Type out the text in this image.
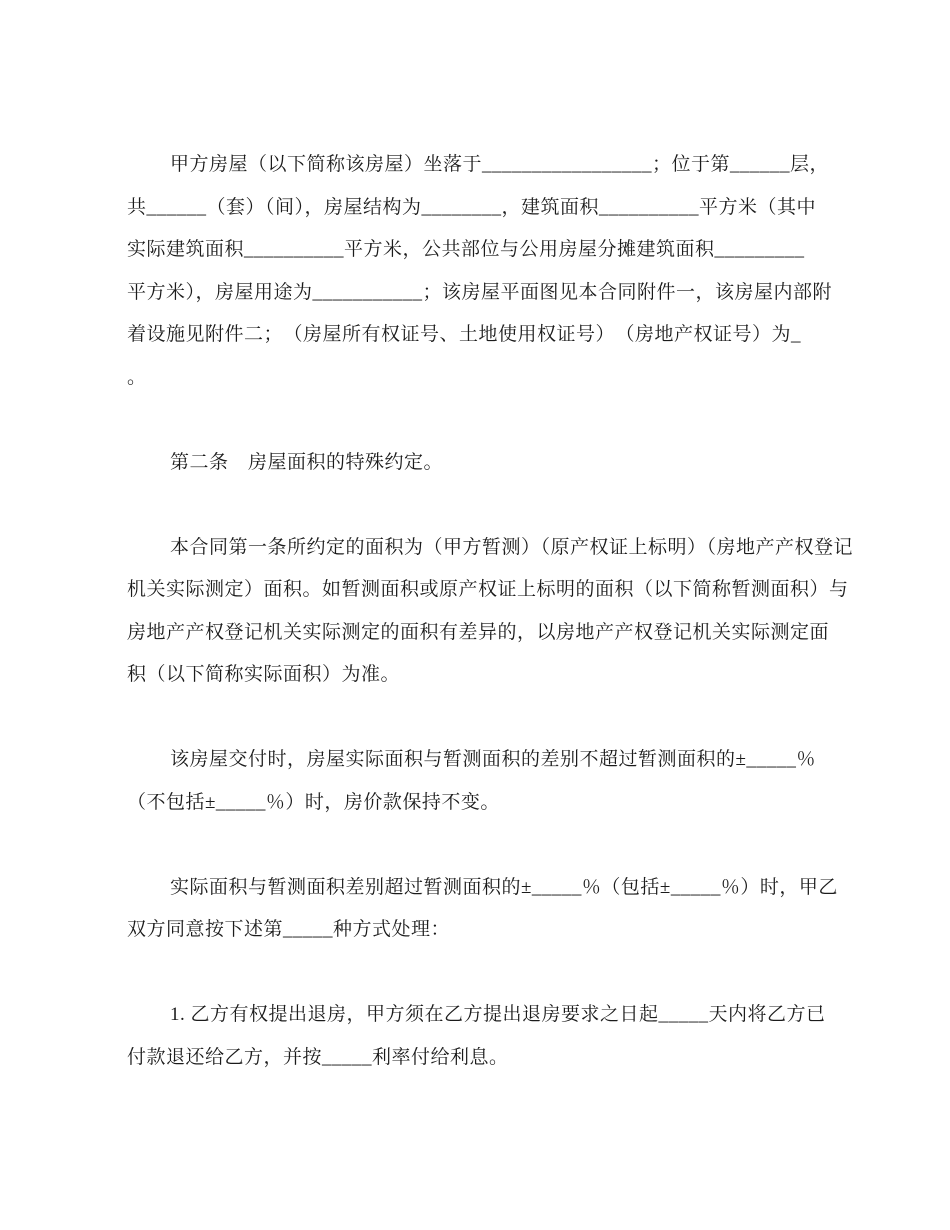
甲方房屋（以下简称该房屋）坐落于_________________；位于第______层，
共______（套）（间），房屋结构为________，建筑面积__________平方米（其中
实际建筑面积__________平方米，公共部位与公用房屋分摊建筑面积_________
平方米），房屋用途为___________；该房屋平面图见本合同附件一，该房屋内部附
着设施见附件二；　（房屋所有权证号、土地使用权证号）　（房地产权证号）为_
。
第二条　房屋面积的特殊约定。
本合同第一条所约定的面积为（甲方暂测）（原产权证上标明）（房地产产权登记
机关实际测定）面积。如暂测面积或原产权证上标明的面积（以下简称暂测面积）与
房地产产权登记机关实际测定的面积有差异的，以房地产产权登记机关实际测定面
积（以下简称实际面积）为准。
该房屋交付时，房屋实际面积与暂测面积的差别不超过暂测面积的±_____％
（不包括±_____％）时，房价款保持不变。
实际面积与暂测面积差别超过暂测面积的±_____％（包括±_____％）时，甲乙
双方同意按下述第_____种方式处理：
1. 乙方有权提出退房，甲方须在乙方提出退房要求之日起_____天内将乙方已
付款退还给乙方，并按_____利率付给利息。
